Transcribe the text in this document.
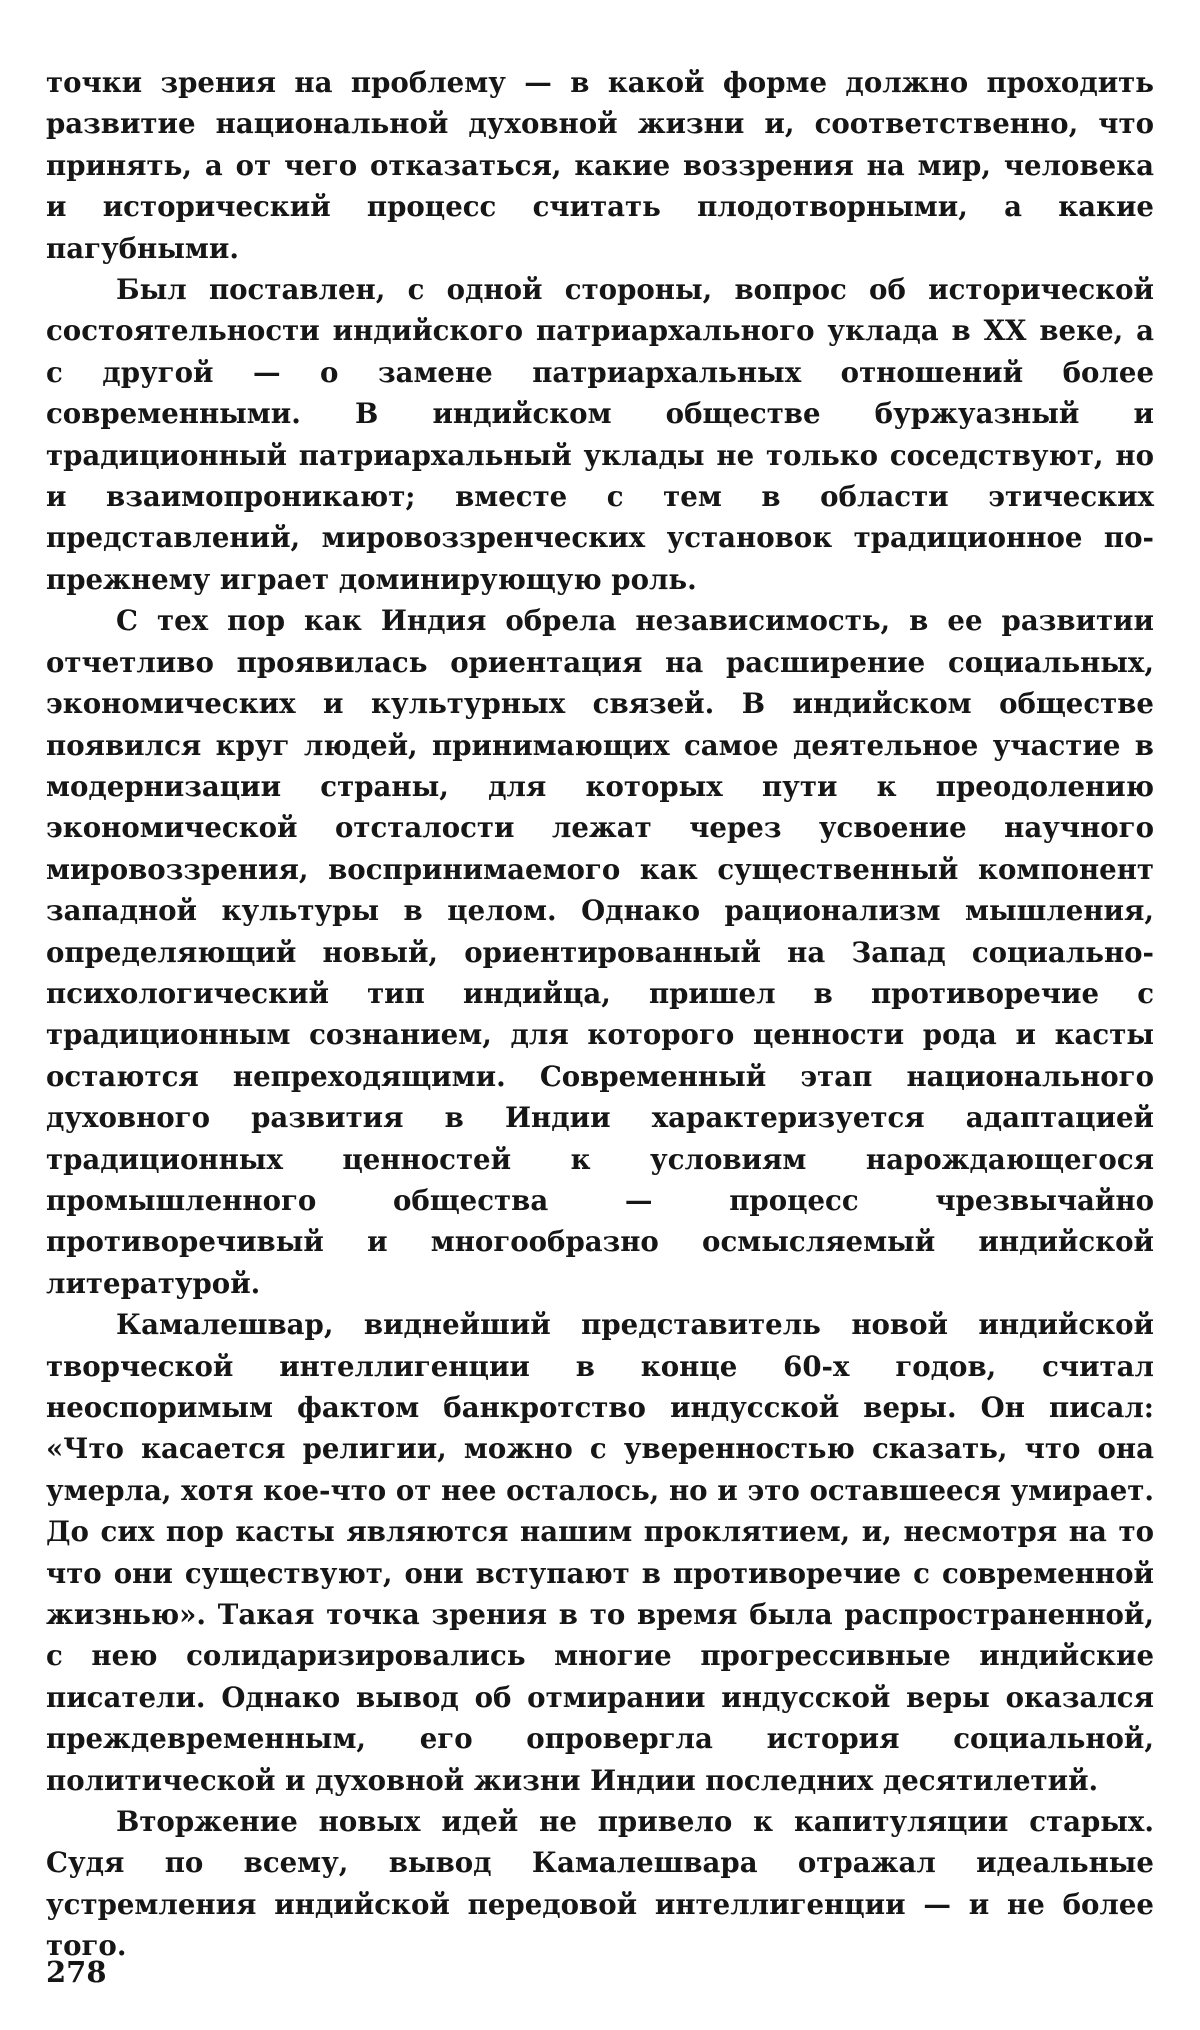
точки зрения на проблему — в какой форме должно проходить развитие национальной духовной жизни и, соответственно, что принять, а от чего отказаться, какие воззрения на мир, человека и исторический процесс считать плодотворными, а какие пагубными.

Был поставлен, с одной стороны, вопрос об исторической состоятельности индийского патриархального уклада в XX веке, а с другой — о замене патриархальных отношений более современными. В индийском обществе буржуазный и традиционный патриархальный уклады не только соседствуют, но и взаимопроникают; вместе с тем в области этических представлений, мировоззренческих установок традиционное по-прежнему играет доминирующую роль.

С тех пор как Индия обрела независимость, в ее развитии отчетливо проявилась ориентация на расширение социальных, экономических и культурных связей. В индийском обществе появился круг людей, принимающих самое деятельное участие в модернизации страны, для которых пути к преодолению экономической отсталости лежат через усвоение научного мировоззрения, воспринимаемого как существенный компонент западной культуры в целом. Однако рационализм мышления, определяющий новый, ориентированный на Запад социально-психологический тип индийца, пришел в противоречие с традиционным сознанием, для которого ценности рода и касты остаются непреходящими. Современный этап национального духовного развития в Индии характеризуется адаптацией традиционных ценностей к условиям нарождающегося промышленного общества — процесс чрезвычайно противоречивый и многообразно осмысляемый индийской литературой.

Камалешвар, виднейший представитель новой индийской творческой интеллигенции в конце 60-х годов, считал неоспоримым фактом банкротство индусской веры. Он писал: «Что касается религии, можно с уверенностью сказать, что она умерла, хотя кое-что от нее осталось, но и это оставшееся умирает. До сих пор касты являются нашим проклятием, и, несмотря на то что они существуют, они вступают в противоречие с современной жизнью». Такая точка зрения в то время была распространенной, с нею солидаризировались многие прогрессивные индийские писатели. Однако вывод об отмирании индусской веры оказался преждевременным, его опровергла история социальной, политической и духовной жизни Индии последних десятилетий.

Вторжение новых идей не привело к капитуляции старых. Судя по всему, вывод Камалешвара отражал идеальные устремления индийской передовой интеллигенции — и не более того.

278
